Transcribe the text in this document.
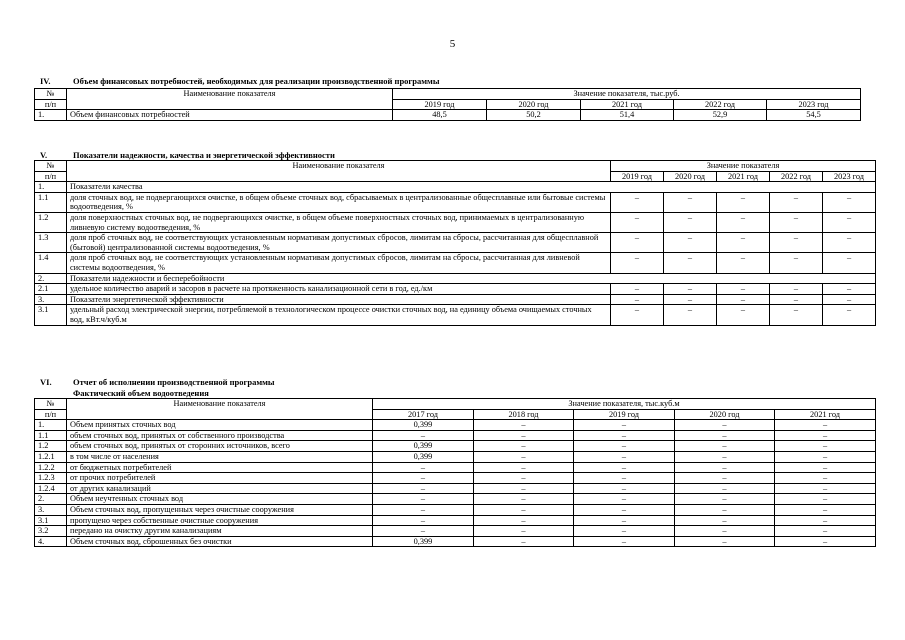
5
IV.	Объем финансовых потребностей, необходимых для реализации производственной программы
№	Наименование показателя	Значение показателя, тыс.руб.				
п/п		2019 год	2020 год	2021 год	2022 год	2023 год
1.	Объем финансовых потребностей	48,5	50,2	51,4	52,9	54,5
V.	Показатели надежности, качества и энергетической эффективности
№	Наименование показателя	Значение показателя				
п/п		2019 год	2020 год	2021 год	2022 год	2023 год
1.	Показатели качества					
1.1	доля сточных вод, не подвергающихся очистке, в общем объеме сточных вод, сбрасываемых в централизованные общесплавные или бытовые системы водоотведения, %	–	–	–	–	–
1.2	доля поверхностных сточных вод, не подвергающихся очистке, в общем объеме поверхностных сточных вод, принимаемых в централизованную ливневую систему водоотведения, %	–	–	–	–	–
1.3	доля проб сточных вод, не соответствующих установленным нормативам допустимых сбросов, лимитам на сбросы, рассчитанная для общесплавной (бытовой) централизованной системы водоотведения, %	–	–	–	–	–
1.4	доля проб сточных вод, не соответствующих установленным нормативам допустимых сбросов, лимитам на сбросы, рассчитанная для ливневой системы водоотведения, %	–	–	–	–	–
2.	Показатели надежности и бесперебойности					
2.1	удельное количество аварий и засоров в расчете на протяженность канализационной сети в год, ед./км	–	–	–	–	–
3.	Показатели энергетической эффективности	–	–	–	–	–
3.1	удельный расход электрической энергии, потребляемой в технологическом процессе очистки сточных вод, на единицу объема очищаемых сточных вод, кВт.ч/куб.м	–	–	–	–	–
VI.	Отчет об исполнении производственной программы
Фактический объем водоотведения
№	Наименование показателя	Значение показателя, тыс.куб.м				
п/п		2017 год	2018 год	2019 год	2020 год	2021 год
1.	Объем принятых сточных вод	0,399	–	–	–	–
1.1	объем сточных вод, принятых от собственного производства	–	–	–	–	–
1.2	объем сточных вод, принятых от сторонних источников, всего	0,399	–	–	–	–
1.2.1	в том числе от населения	0,399	–	–	–	–
1.2.2	от бюджетных потребителей	–	–	–	–	–
1.2.3	от прочих потребителей	–	–	–	–	–
1.2.4	от других канализаций	–	–	–	–	–
2.	Объем неучтенных сточных вод	–	–	–	–	–
3.	Объем сточных вод, пропущенных через очистные сооружения	–	–	–	–	–
3.1	пропущено через собственные очистные сооружения	–	–	–	–	–
3.2	передано на очистку другим канализациям	–	–	–	–	–
4.	Объем сточных вод, сброшенных без очистки	0,399	–	–	–	–
